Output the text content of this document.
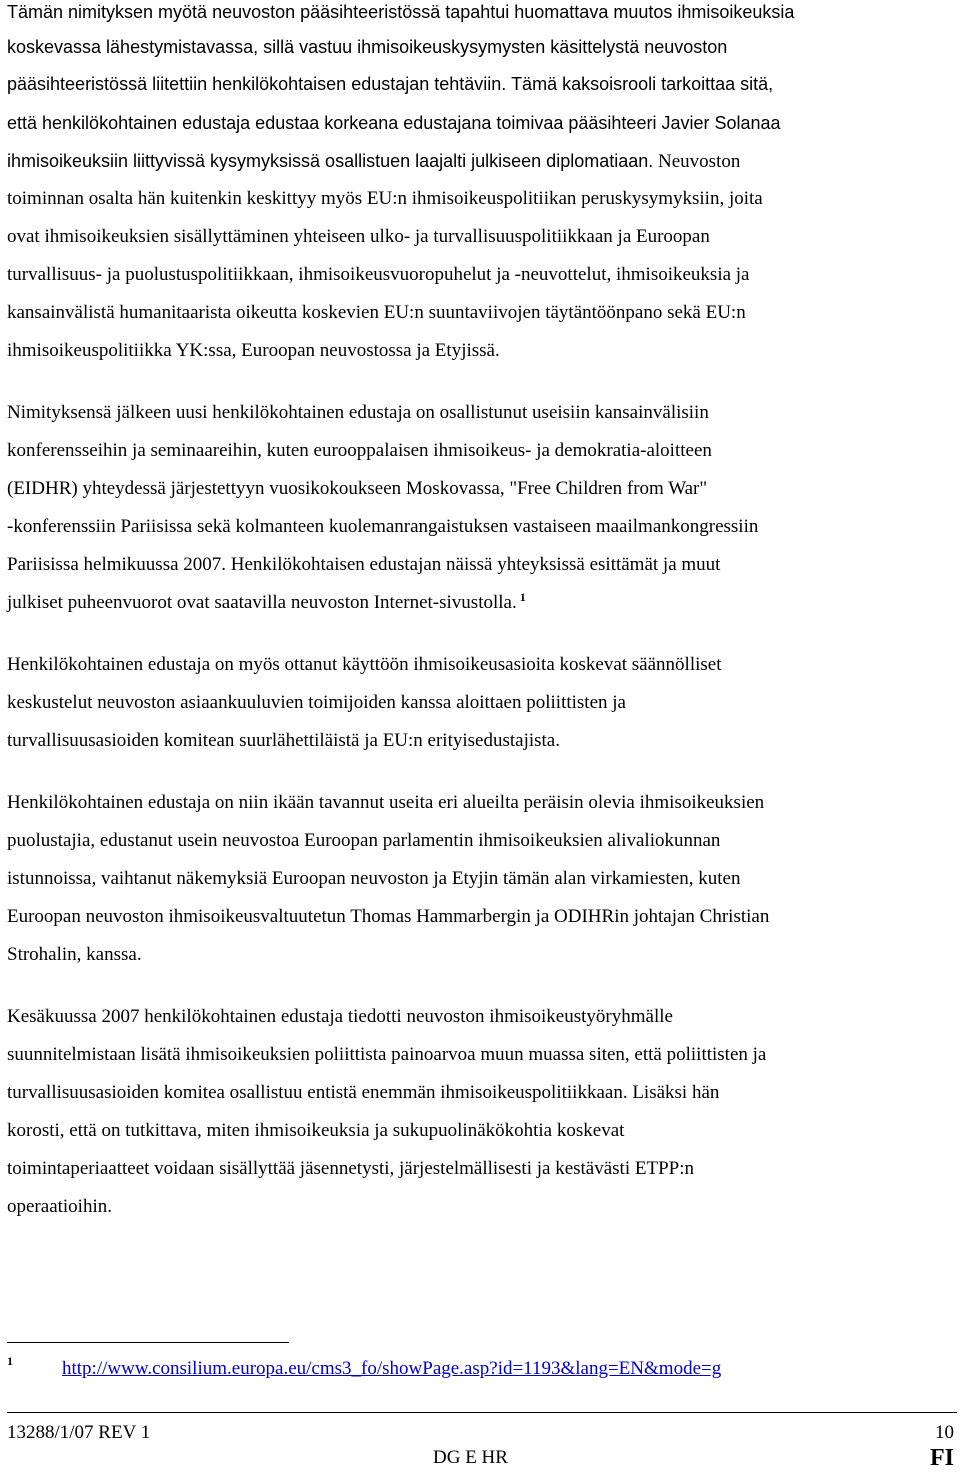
Tämän nimityksen myötä neuvoston pääsihteeristössä tapahtui huomattava muutos ihmisoikeuksia

koskevassa lähestymistavassa, sillä vastuu ihmisoikeuskysymysten käsittelystä neuvoston

pääsihteeristössä liitettiin henkilökohtaisen edustajan tehtäviin. Tämä kaksoisrooli tarkoittaa sitä,

että henkilökohtainen edustaja edustaa korkeana edustajana toimivaa pääsihteeri Javier Solanaa

ihmisoikeuksiin liittyvissä kysymyksissä osallistuen laajalti julkiseen diplomatiaan. Neuvoston

toiminnan osalta hän kuitenkin keskittyy myös EU:n ihmisoikeuspolitiikan peruskysymyksiin, joita

ovat ihmisoikeuksien sisällyttäminen yhteiseen ulko- ja turvallisuuspolitiikkaan ja Euroopan

turvallisuus- ja puolustuspolitiikkaan, ihmisoikeusvuoropuhelut ja -neuvottelut, ihmisoikeuksia ja

kansainvälistä humanitaarista oikeutta koskevien EU:n suuntaviivojen täytäntöönpano sekä EU:n

ihmisoikeuspolitiikka YK:ssa, Euroopan neuvostossa ja Etyjissä.

Nimityksensä jälkeen uusi henkilökohtainen edustaja on osallistunut useisiin kansainvälisiin

konferensseihin ja seminaareihin, kuten eurooppalaisen ihmisoikeus- ja demokratia-aloitteen

(EIDHR) yhteydessä järjestettyyn vuosikokoukseen Moskovassa, "Free Children from War"

-konferenssiin Pariisissa sekä kolmanteen kuolemanrangaistuksen vastaiseen maailmankongressiin

Pariisissa helmikuussa 2007. Henkilökohtaisen edustajan näissä yhteyksissä esittämät ja muut

julkiset puheenvuorot ovat saatavilla neuvoston Internet-sivustolla. $^1$

Henkilökohtainen edustaja on myös ottanut käyttöön ihmisoikeusasioita koskevat säännölliset

keskustelut neuvoston asiaankuuluvien toimijoiden kanssa aloittaen poliittisten ja

turvallisuusasioiden komitean suurlähettiläistä ja EU:n erityisedustajista.

Henkilökohtainen edustaja on niin ikään tavannut useita eri alueilta peräisin olevia ihmisoikeuksien

puolustajia, edustanut usein neuvostoa Euroopan parlamentin ihmisoikeuksien alivaliokunnan

istunnoissa, vaihtanut näkemyksiä Euroopan neuvoston ja Etyjin tämän alan virkamiesten, kuten

Euroopan neuvoston ihmisoikeusvaltuutetun Thomas Hammarbergin ja ODIHRin johtajan Christian

Strohalin, kanssa.

Kesäkuussa 2007 henkilökohtainen edustaja tiedotti neuvoston ihmisoikeustyöryhmälle

suunnitelmistaan lisätä ihmisoikeuksien poliittista painoarvoa muun muassa siten, että poliittisten ja

turvallisuusasioiden komitea osallistuu entistä enemmän ihmisoikeuspolitiikkaan. Lisäksi hän

korosti, että on tutkittava, miten ihmisoikeuksia ja sukupuolinäkökohtia koskevat

toimintaperiaatteet voidaan sisällyttää jäsennetysti, järjestelmällisesti ja kestävästi ETPP:n

operaatioihin.

1	http://www.consilium.europa.eu/cms3_fo/showPage.asp?id=1193&lang=EN&mode=g
13288/1/07 REV 1	10
DG E HR	FI
